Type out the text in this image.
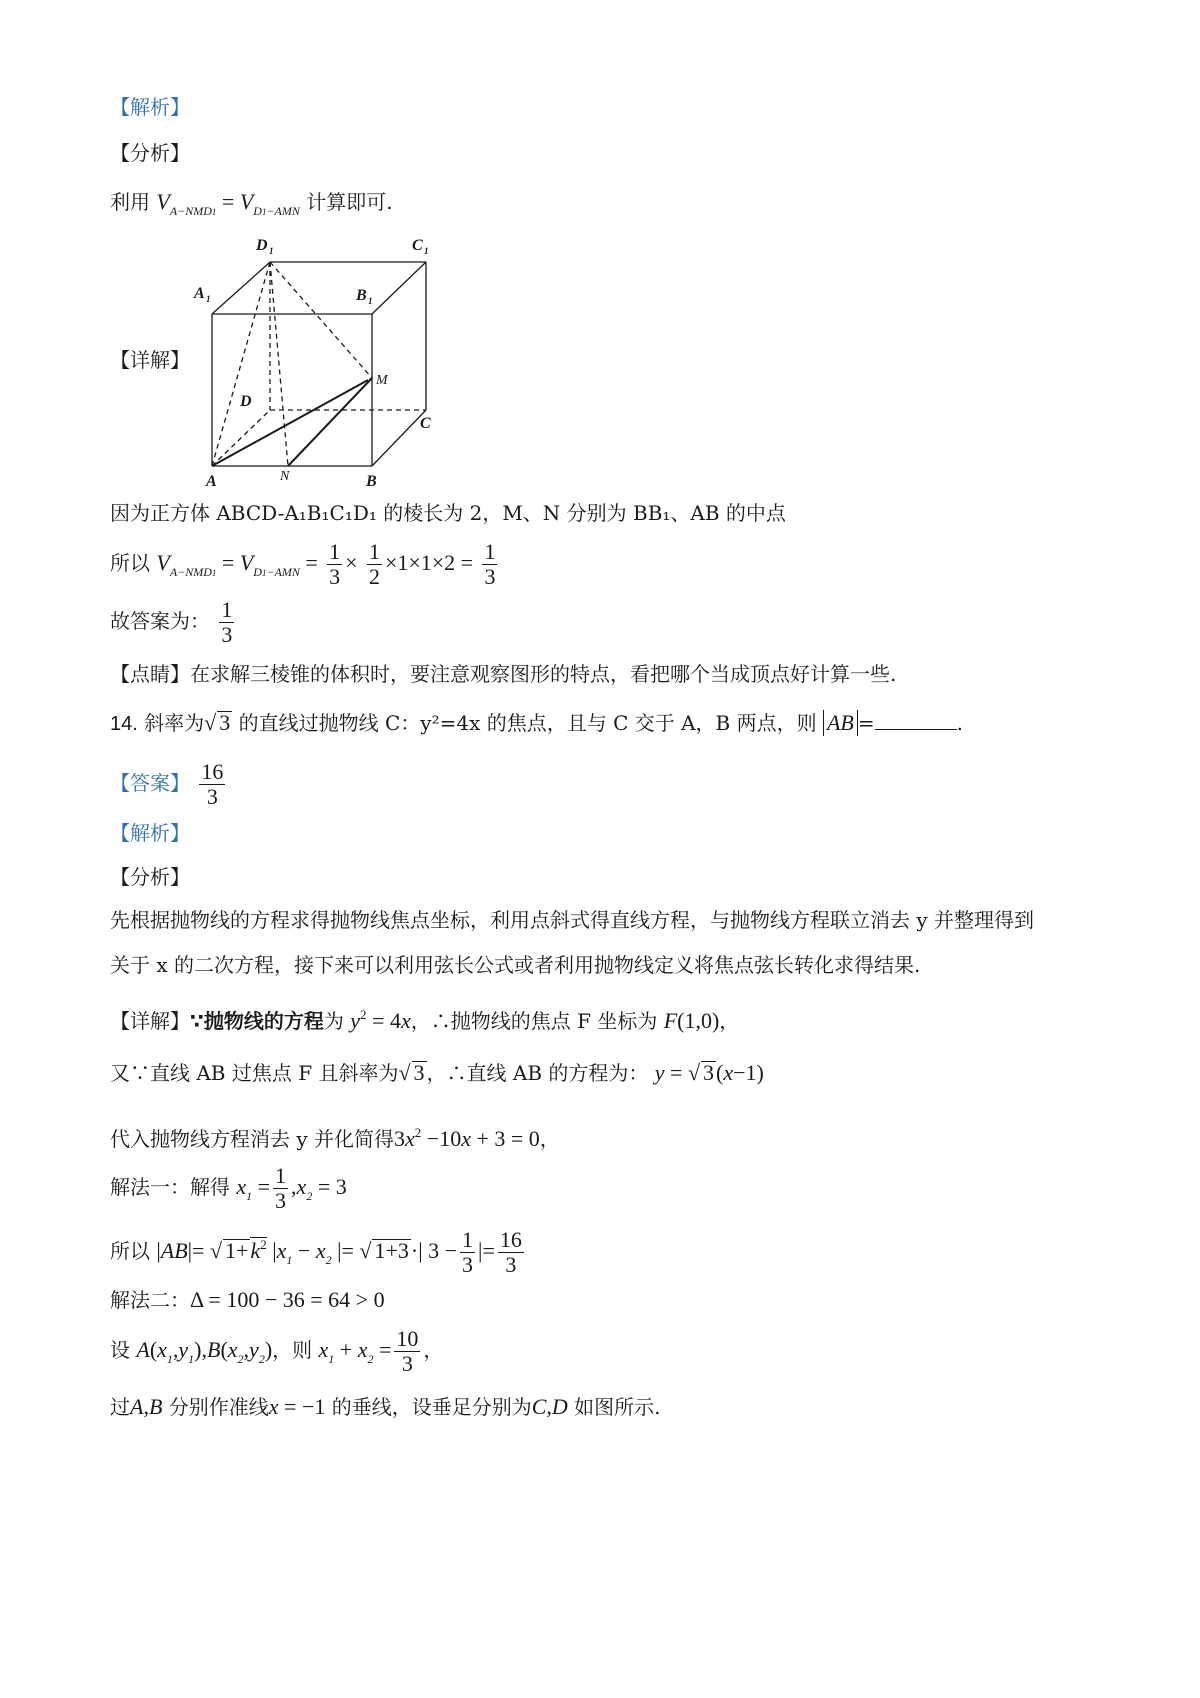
【解析】
【分析】
利用 $V_{A-NMD1} = V_{D1-AMN}$ 计算即可.
【详解】
D 1	C 1
A 1	B 1
M
D
C
A	N	B
因为正方体 ABCD-A₁B₁C₁D₁ 的棱长为 2，M、N 分别为 BB₁、AB 的中点
所以 $V_{A-NMD1} = V_{D1-AMN} = \frac{1}{3} \times \frac{1}{2} \times 1\times 1\times 2 = \frac{1}{3}$
故答案为： $\frac{1}{3}$
【点睛】在求解三棱锥的体积时，要注意观察图形的特点，看把哪个当成顶点好计算一些.
14. 斜率为√ 3 的直线过抛物线 C：y²=4x 的焦点，且与 C 交于 A，B 两点，则 AB =	.
【答案】 $\frac{16}{3}$
【解析】
【分析】
先根据抛物线的方程求得抛物线焦点坐标，利用点斜式得直线方程，与抛物线方程联立消去 y 并整理得到
关于 x 的二次方程，接下来可以利用弦长公式或者利用抛物线定义将焦点弦长转化求得结果.
【详解】∵抛物线的方程为 $y^2 = 4x$，∴抛物线的焦点 F 坐标为 F(1,0)，
又∵直线 AB 过焦点 F 且斜率为√ 3 ，∴直线 AB 的方程为： y = √ 3(x−1)
代入抛物线方程消去 y 并化简得$3x^2 -10x + 3 = 0$，
解法一：解得 $x_1 = \frac{1}{3} ,x_2 = 3$
所以 |AB|= √ $1+k^2$ $|x_1 - x_2$ |= √ 1+3·| $3 - \frac{1}{3}$ |= $\frac{16}{3}$
解法二：Δ = 100 − 36 = 64 > 0
设 $A(x_1,y_1),B(x_2,y_2)$，则 $x_1 + x_2 = \frac{10}{3}$ ，
过A,B 分别作准线x = −1 的垂线，设垂足分别为C,D 如图所示.
